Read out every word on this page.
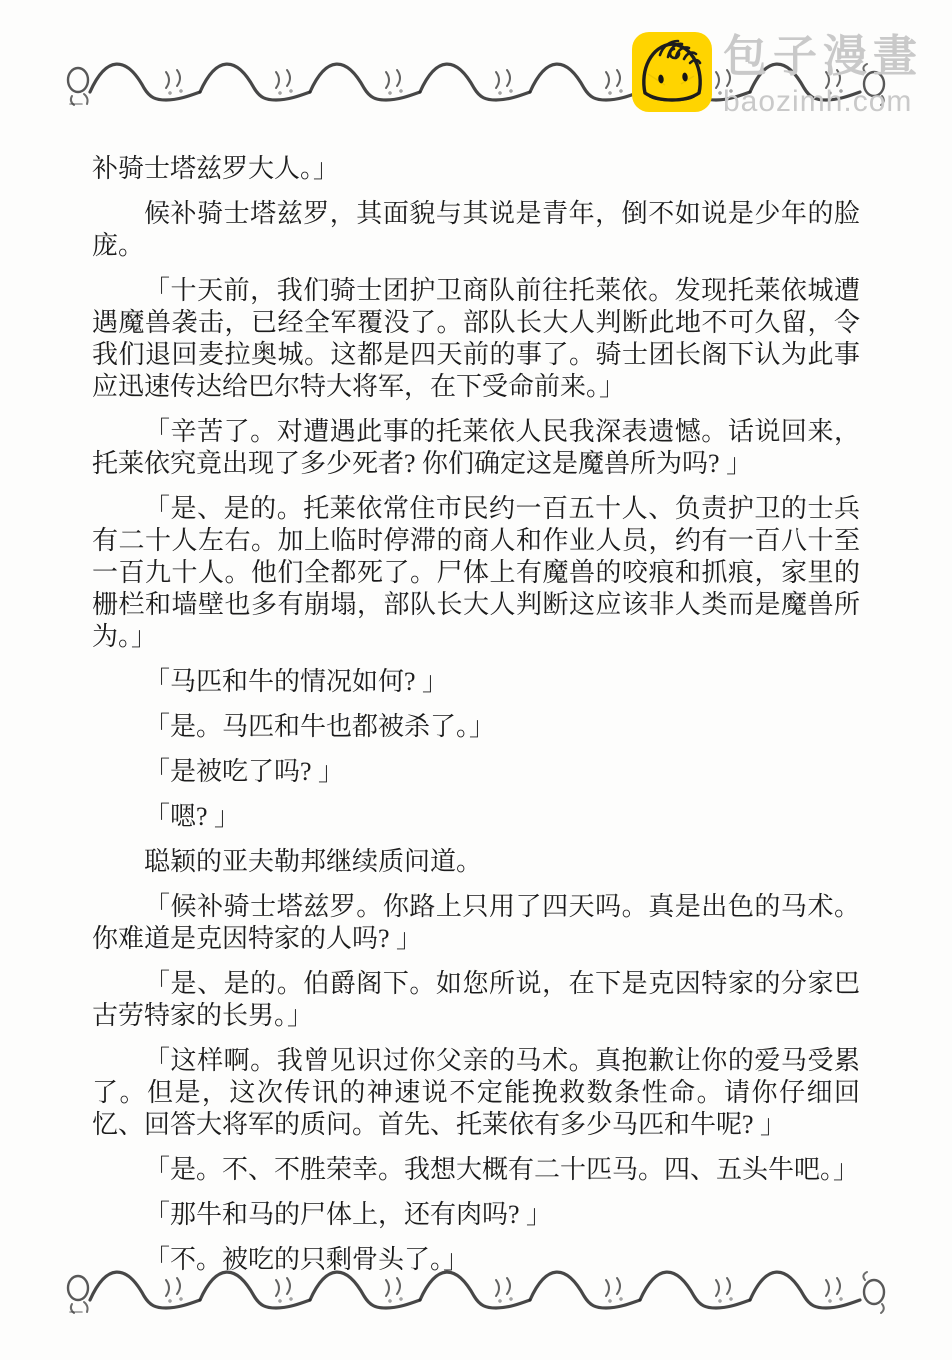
包子漫畫
baozimh.com

补骑士塔兹罗大人。」

候补骑士塔兹罗，其面貌与其说是青年，倒不如说是少年的脸庞。

「十天前，我们骑士团护卫商队前往托莱依。发现托莱依城遭遇魔兽袭击，已经全军覆没了。部队长大人判断此地不可久留，令我们退回麦拉奥城。这都是四天前的事了。骑士团长阁下认为此事应迅速传达给巴尔特大将军，在下受命前来。」

「辛苦了。对遭遇此事的托莱依人民我深表遗憾。话说回来，托莱依究竟出现了多少死者? 你们确定这是魔兽所为吗? 」

「是、是的。托莱依常住市民约一百五十人、负责护卫的士兵有二十人左右。加上临时停滞的商人和作业人员，约有一百八十至一百九十人。他们全都死了。尸体上有魔兽的咬痕和抓痕，家里的栅栏和墙壁也多有崩塌，部队长大人判断这应该非人类而是魔兽所为。」

「马匹和牛的情况如何? 」

「是。马匹和牛也都被杀了。」

「是被吃了吗? 」

「嗯? 」

聪颖的亚夫勒邦继续质问道。

「候补骑士塔兹罗。你路上只用了四天吗。真是出色的马术。你难道是克因特家的人吗? 」

「是、是的。伯爵阁下。如您所说，在下是克因特家的分家巴古劳特家的长男。」

「这样啊。我曾见识过你父亲的马术。真抱歉让你的爱马受累了。但是，这次传讯的神速说不定能挽救数条性命。请你仔细回忆、回答大将军的质问。首先、托莱依有多少马匹和牛呢? 」

「是。不、不胜荣幸。我想大概有二十匹马。四、五头牛吧。」

「那牛和马的尸体上，还有肉吗? 」

「不。被吃的只剩骨头了。」
